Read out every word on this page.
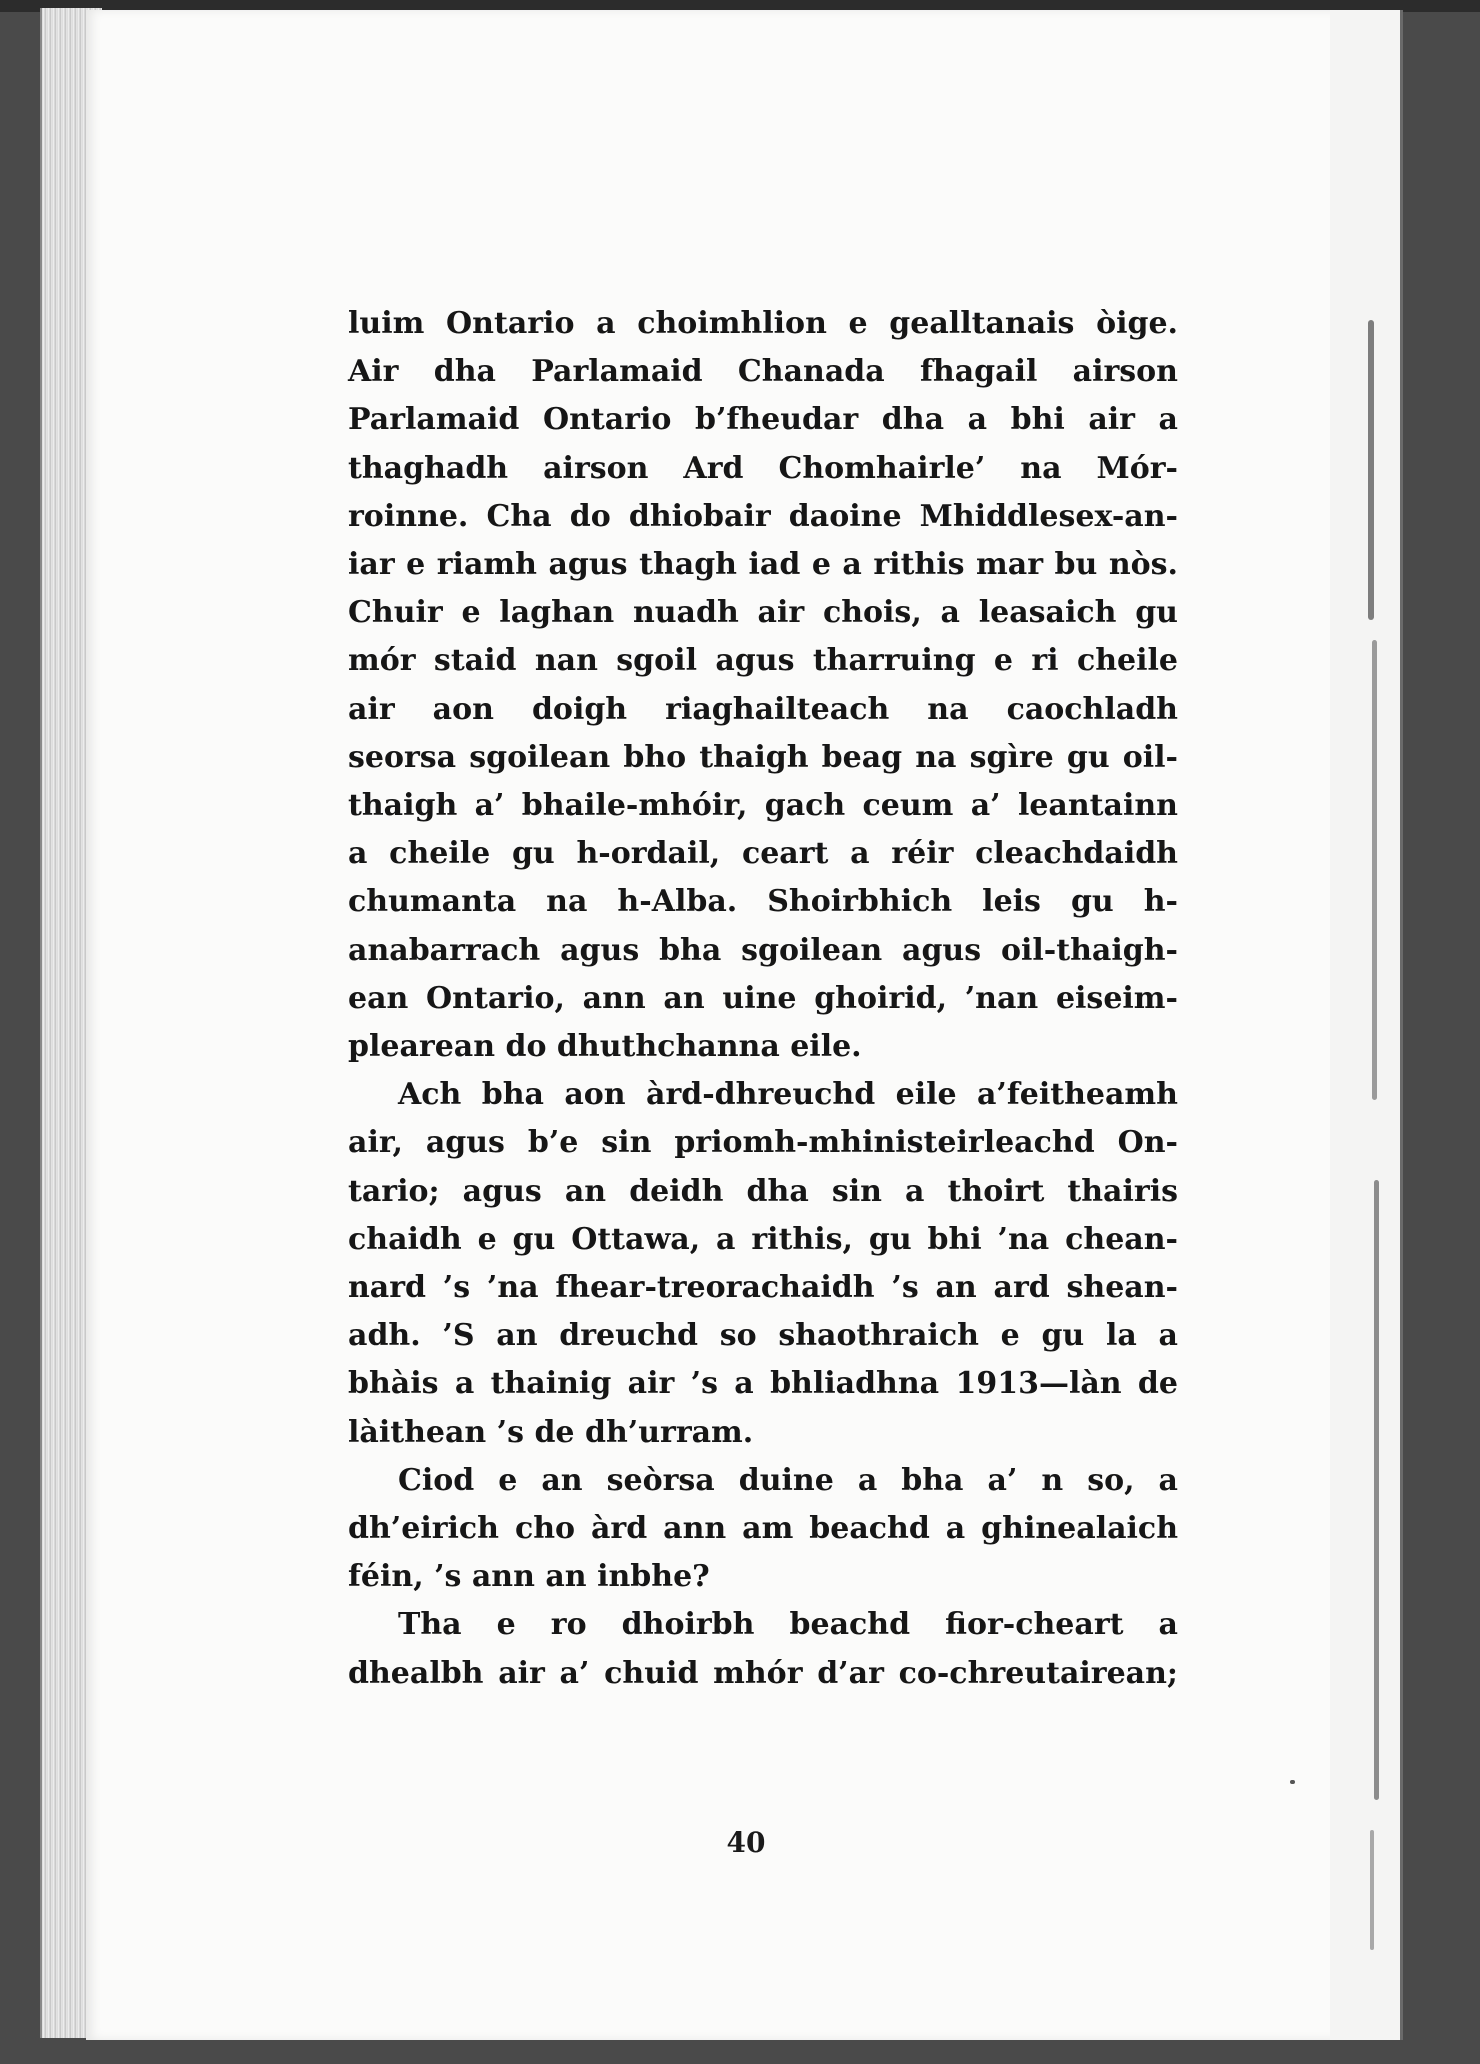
luim Ontario a choimhlion e gealltanais òige.

Air dha Parlamaid Chanada fhagail airson

Parlamaid Ontario b’fheudar dha a bhi air a

thaghadh airson Ard Chomhairle’ na Mór-

roinne. Cha do dhiobair daoine Mhiddlesex-an-

iar e riamh agus thagh iad e a rithis mar bu nòs.

Chuir e laghan nuadh air chois, a leasaich gu

mór staid nan sgoil agus tharruing e ri cheile

air aon doigh riaghailteach na caochladh

seorsa sgoilean bho thaigh beag na sgìre gu oil-

thaigh a’ bhaile-mhóir, gach ceum a’ leantainn

a cheile gu h-ordail, ceart a réir cleachdaidh

chumanta na h-Alba. Shoirbhich leis gu h-

anabarrach agus bha sgoilean agus oil-thaigh-

ean Ontario, ann an uine ghoirid, ’nan eiseim-

plearean do dhuthchanna eile.

Ach bha aon àrd-dhreuchd eile a’feitheamh

air, agus b’e sin priomh-mhinisteirleachd On-

tario; agus an deidh dha sin a thoirt thairis

chaidh e gu Ottawa, a rithis, gu bhi ’na chean-

nard ’s ’na fhear-treorachaidh ’s an ard shean-

adh. ’S an dreuchd so shaothraich e gu la a

bhàis a thainig air ’s a bhliadhna 1913—làn de

làithean ’s de dh’urram.

Ciod e an seòrsa duine a bha a’ n so, a

dh’eirich cho àrd ann am beachd a ghinealaich

féin, ’s ann an inbhe?

Tha e ro dhoirbh beachd fior-cheart a

dhealbh air a’ chuid mhór d’ar co-chreutairean;

40
